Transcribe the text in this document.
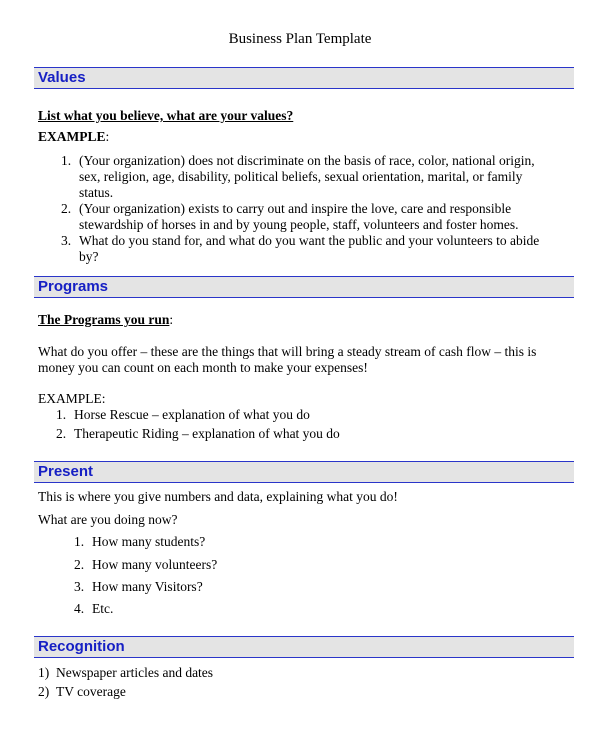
Business Plan Template
Values
List what you believe, what are your values?
EXAMPLE:
1. (Your organization) does not discriminate on the basis of race, color, national origin,
sex, religion, age, disability, political beliefs, sexual orientation, marital, or family
status.
2. (Your organization) exists to carry out and inspire the love, care and responsible
stewardship of horses in and by young people, staff, volunteers and foster homes.
3. What do you stand for, and what do you want the public and your volunteers to abide
by?
Programs
The Programs you run:
What do you offer – these are the things that will bring a steady stream of cash flow – this is
money you can count on each month to make your expenses!
EXAMPLE:
1. Horse Rescue – explanation of what you do
2. Therapeutic Riding – explanation of what you do
Present
This is where you give numbers and data, explaining what you do!
What are you doing now?
1. How many students?
2. How many volunteers?
3. How many Visitors?
4. Etc.
Recognition
1) Newspaper articles and dates
2) TV coverage
